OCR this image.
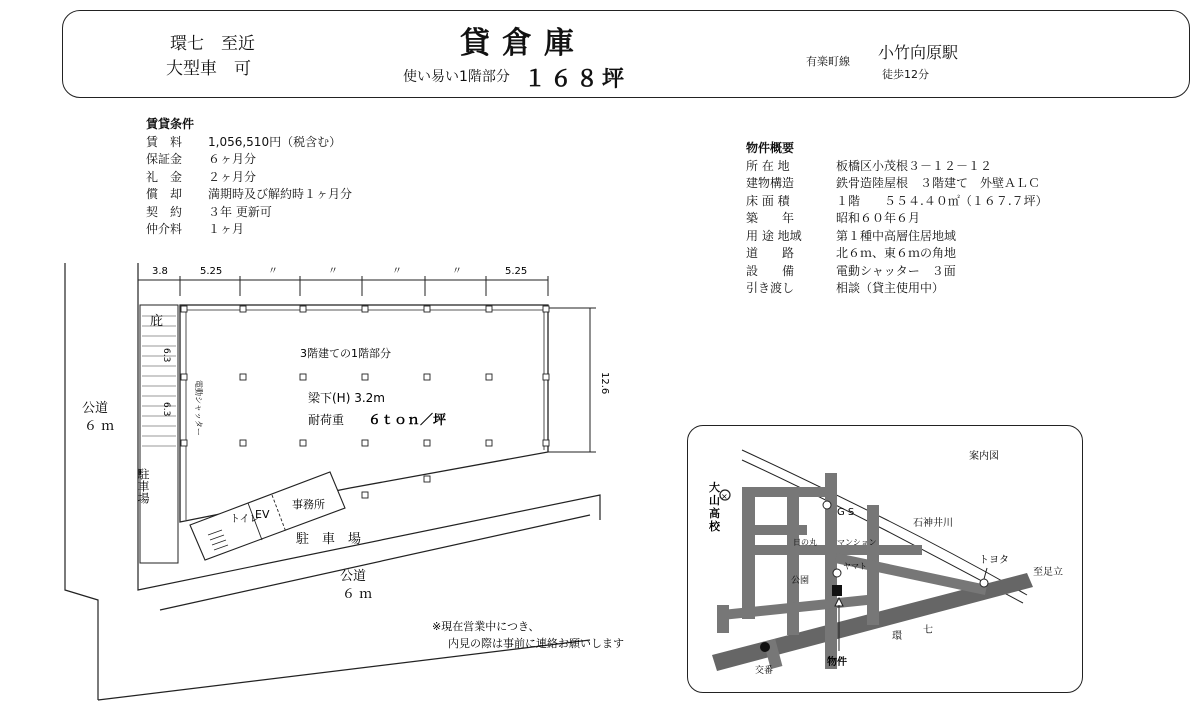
環七　至近
大型車　可
貸倉庫
使い易い1階部分 １６８坪
有楽町線 小竹向原駅
徒歩12分
賃貸条件
賃　料	1,056,510円（税含む）
保証金	６ヶ月分
礼　金	２ヶ月分
償　却	満期時及び解約時１ヶ月分
契　約	３年 更新可
仲介料	１ヶ月
物件概要
所 在 地	板橋区小茂根３－１２－１２
建物構造	鉄骨造陸屋根　３階建て　外壁ＡＬＣ
床 面 積	１階　　５５４.４０㎡（１６７.７坪）
築　　年	昭和６０年６月
用 途 地域	第１種中高層住居地域
道　　路	北６ｍ、東６ｍの角地
設　　備	電動シャッター　３面
引き渡し	相談（貸主使用中）
3.8	5.25	〃	〃	〃	〃	5.25
12.6
庇
6.3
6.3
駐車場
電動シャッター
3階建ての1階部分
梁下(H) 3.2m
耐荷重 ６ｔｏｎ／坪
トイレ
EV
事務所
駐　車　場
公道
６ ｍ
公道
６ ｍ
※現在営業中につき、
内見の際は事前に連絡お願いします
×
案内図
大
山
高
校
G S
石神井川
トヨタ
至足立
日の丸	マンション
ヤマト
公園
環
七
交番
物件
